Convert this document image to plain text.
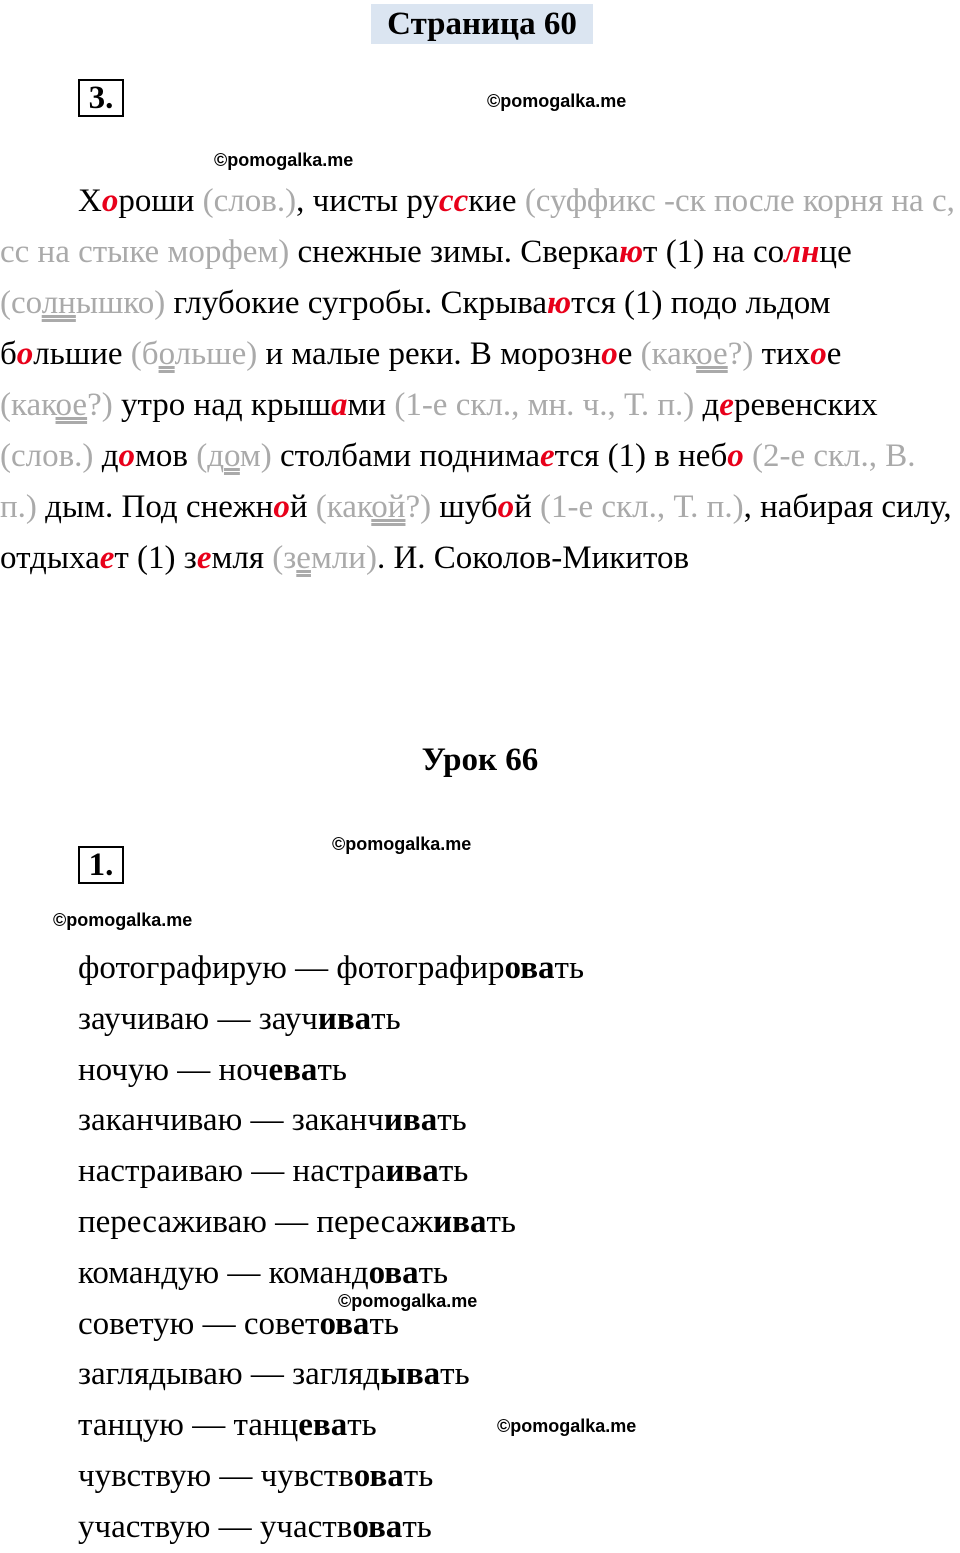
Страница 60
3.	©pomogalka.me
©pomogalka.me

Хороши (слов.), чисты русские (суффикс -ск после корня на с, сс на стыке морфем) снежные зимы. Сверкают (1) на солнце (солнышко) глубокие сугробы. Скрываются (1) подо льдом большие (больше) и малые реки. В морозное (какое?) тихое (какое?) утро над крышами (1-е скл., мн. ч., Т. п.) деревенских (слов.) домов (дом) столбами поднимается (1) в небо (2-е скл., В. п.) дым. Под снежной (какой?) шубой (1-е скл., Т. п.), набирая силу, отдыхает (1) земля (земли). И. Соколов-Микитов

Урок 66
©pomogalka.me
1.
©pomogalka.me
фотографирую — фотографировать
заучиваю — заучивать
ночую — ночевать
заканчиваю — заканчивать
настраиваю — настраивать
пересаживаю — пересаживать
командую — командовать
советую — советовать
заглядываю — заглядывать
танцую — танцевать
чувствую — чувствовать
участвую — участвовать
©pomogalka.me
©pomogalka.me
